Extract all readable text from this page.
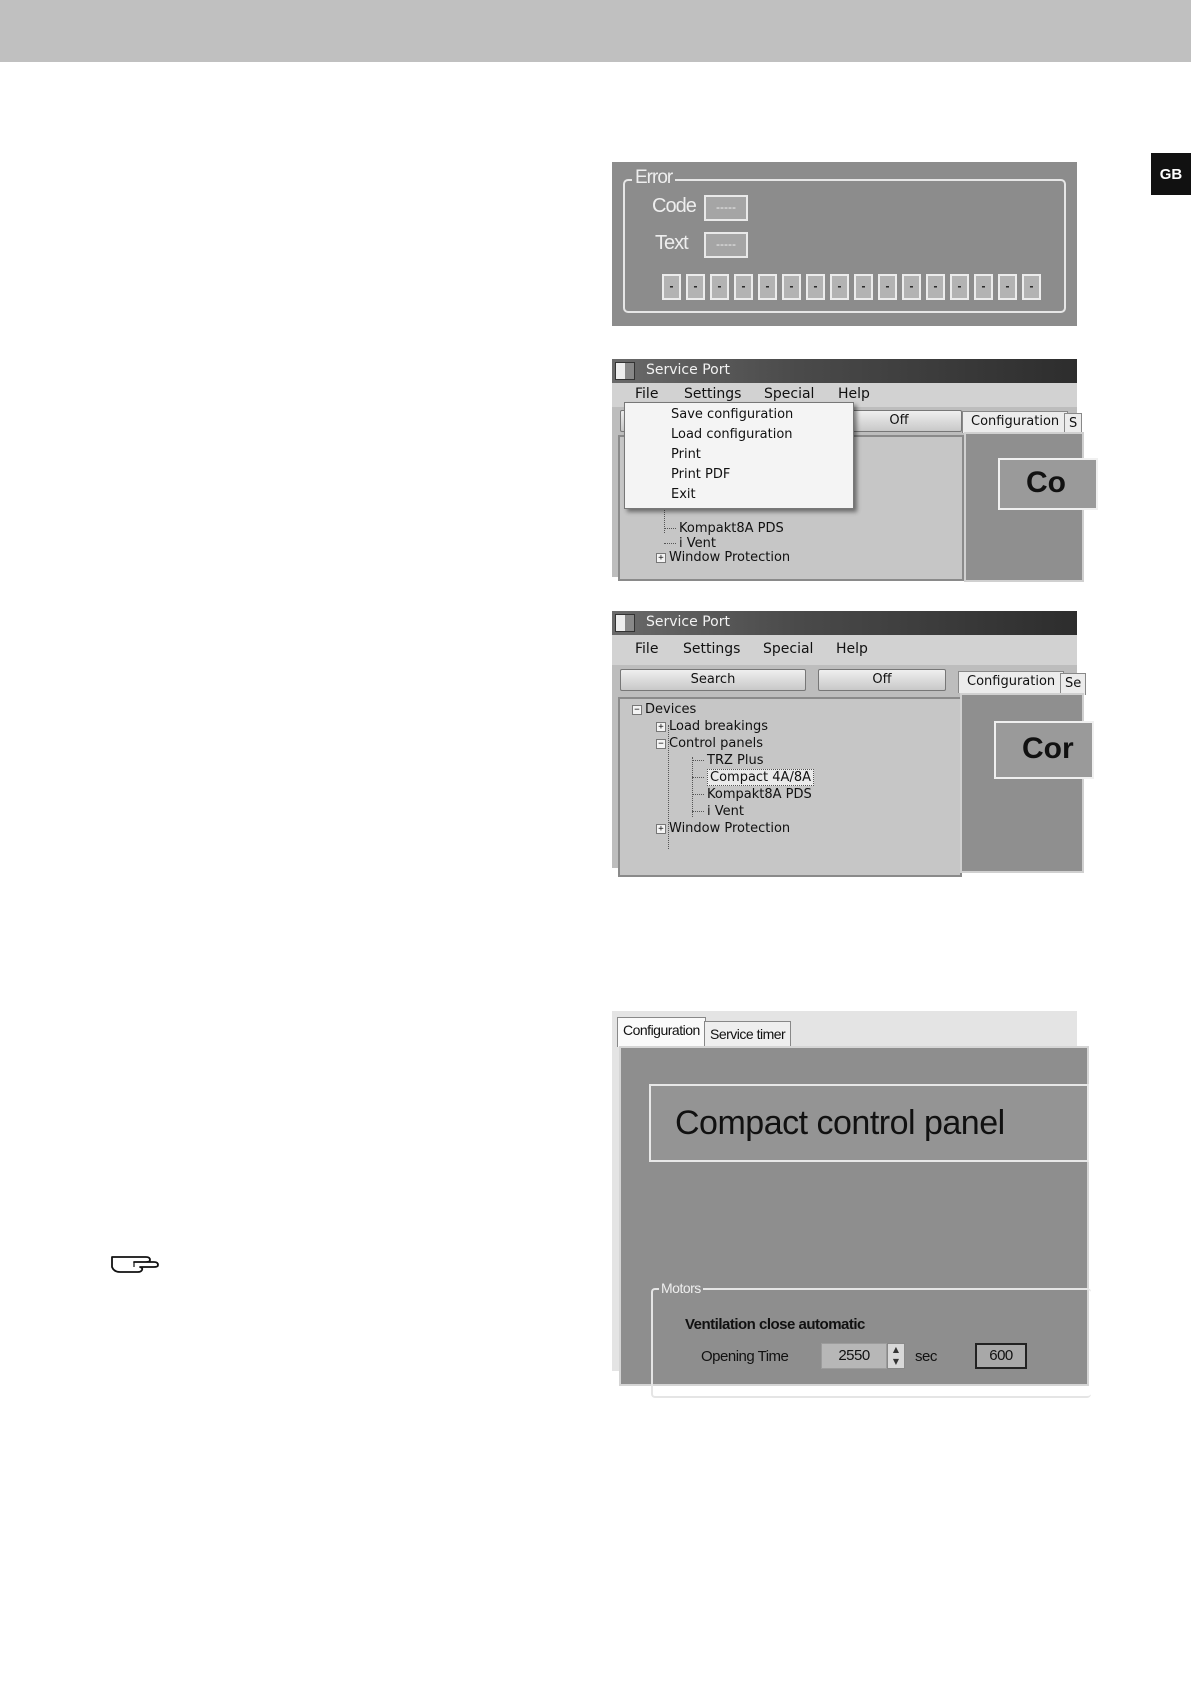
GB
Error
Code	-----
Text	-----
-	-	-	-	-	-	-	-	-	-	-	-	-	-	-	-
Service Port
File Settings Special Help
Off
Kompakt8A PDS
i Vent
+ Window Protection
Configuration S
Co
Save configuration
Load configuration
Print
Print PDF
Exit
Service Port
File Settings Special Help
Search	Off
− Devices
+ Load breakings
− Control panels
TRZ Plus
Compact 4A/8A
Kompakt8A PDS
i Vent
+ Window Protection
Configuration Se
Cor
Configuration Service timer
Compact control panel
Motors
Ventilation close automatic
Opening Time	2550	▲
▼	sec	600
